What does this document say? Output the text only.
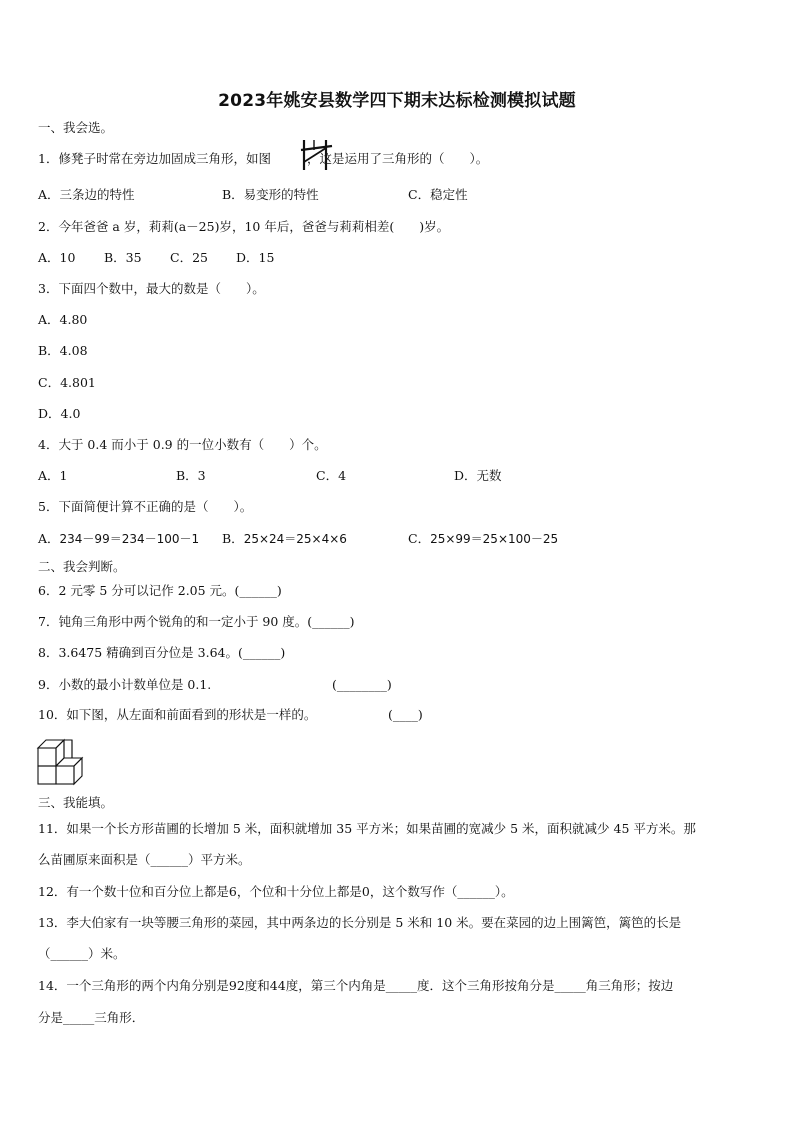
2023年姚安县数学四下期末达标检测模拟试题
一、我会选。
1．修凳子时常在旁边加固成三角形，如图	，这是运用了三角形的（　　）。
A．三条边的特性	B．易变形的特性	C．稳定性
2．今年爸爸 a 岁，莉莉(a－25)岁，10 年后，爸爸与莉莉相差(　　)岁。
A．10 B．35 C．25 D．15
3．下面四个数中，最大的数是（　　）。
A．4.80
B．4.08
C．4.801
D．4.0
4．大于 0.4 而小于 0.9 的一位小数有（　　）个。
A．1	B．3	C．4	D．无数
5．下面简便计算不正确的是（　　）。
A．234－99＝234－100－1 B．25×24＝25×4×6	C．25×99＝25×100－25
二、我会判断。
6．2 元零 5 分可以记作 2.05 元。(______)
7．钝角三角形中两个锐角的和一定小于 90 度。(______)
8．3.6475 精确到百分位是 3.64。(______)
9．小数的最小计数单位是 0.1.	(________)
10．如下图，从左面和前面看到的形状是一样的。	(____)
三、我能填。
11．如果一个长方形苗圃的长增加 5 米，面积就增加 35 平方米；如果苗圃的宽减少 5 米，面积就减少 45 平方米。那
么苗圃原来面积是（______）平方米。
12．有一个数十位和百分位上都是6，个位和十分位上都是0，这个数写作（______）。
13．李大伯家有一块等腰三角形的菜园，其中两条边的长分别是 5 米和 10 米。要在菜园的边上围篱笆，篱笆的长是
（______）米。
14．一个三角形的两个内角分别是92度和44度，第三个内角是_____度．这个三角形按角分是_____角三角形；按边
分是_____三角形．
